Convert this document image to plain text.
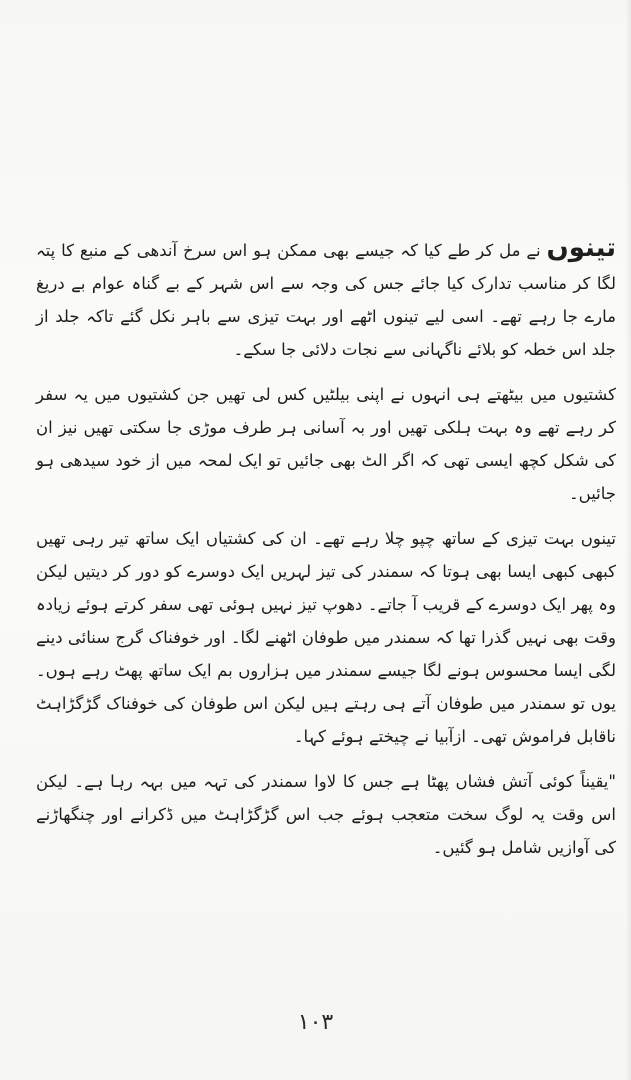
تینوں نے مل کر طے کیا کہ جیسے بھی ممکن ہو اس سرخ آندھی کے منبع کا پتہ لگا کر مناسب تدارک کیا جائے جس کی وجہ سے اس شہر کے بے گناہ عوام بے دریغ مارے جا رہے تھے۔ اسی لیے تینوں اٹھے اور بہت تیزی سے باہر نکل گئے تاکہ جلد از جلد اس خطہ کو بلائے ناگہانی سے نجات دلائی جا سکے۔

کشتیوں میں بیٹھتے ہی انہوں نے اپنی بیلٹیں کس لی تھیں جن کشتیوں میں یہ سفر کر رہے تھے وہ بہت ہلکی تھیں اور بہ آسانی ہر طرف موڑی جا سکتی تھیں نیز ان کی شکل کچھ ایسی تھی کہ اگر الٹ بھی جائیں تو ایک لمحہ میں از خود سیدھی ہو جائیں۔

تینوں بہت تیزی کے ساتھ چپو چلا رہے تھے۔ ان کی کشتیاں ایک ساتھ تیر رہی تھیں کبھی کبھی ایسا بھی ہوتا کہ سمندر کی تیز لہریں ایک دوسرے کو دور کر دیتیں لیکن وہ پھر ایک دوسرے کے قریب آ جاتے۔ دھوپ تیز نہیں ہوئی تھی سفر کرتے ہوئے زیادہ وقت بھی نہیں گذرا تھا کہ سمندر میں طوفان اٹھنے لگا۔ اور خوفناک گرج سنائی دینے لگی ایسا محسوس ہونے لگا جیسے سمندر میں ہزاروں بم ایک ساتھ پھٹ رہے ہوں۔ یوں تو سمندر میں طوفان آتے ہی رہتے ہیں لیکن اس طوفان کی خوفناک گڑگڑاہٹ ناقابل فراموش تھی۔ ازآبیا نے چیختے ہوئے کہا۔

"یقیناً کوئی آتش فشاں پھٹا ہے جس کا لاوا سمندر کی تہہ میں بہہ رہا ہے۔ لیکن اس وقت یہ لوگ سخت متعجب ہوئے جب اس گڑگڑاہٹ میں ڈکرانے اور چنگھاڑنے کی آوازیں شامل ہو گئیں۔

۱۰۳
